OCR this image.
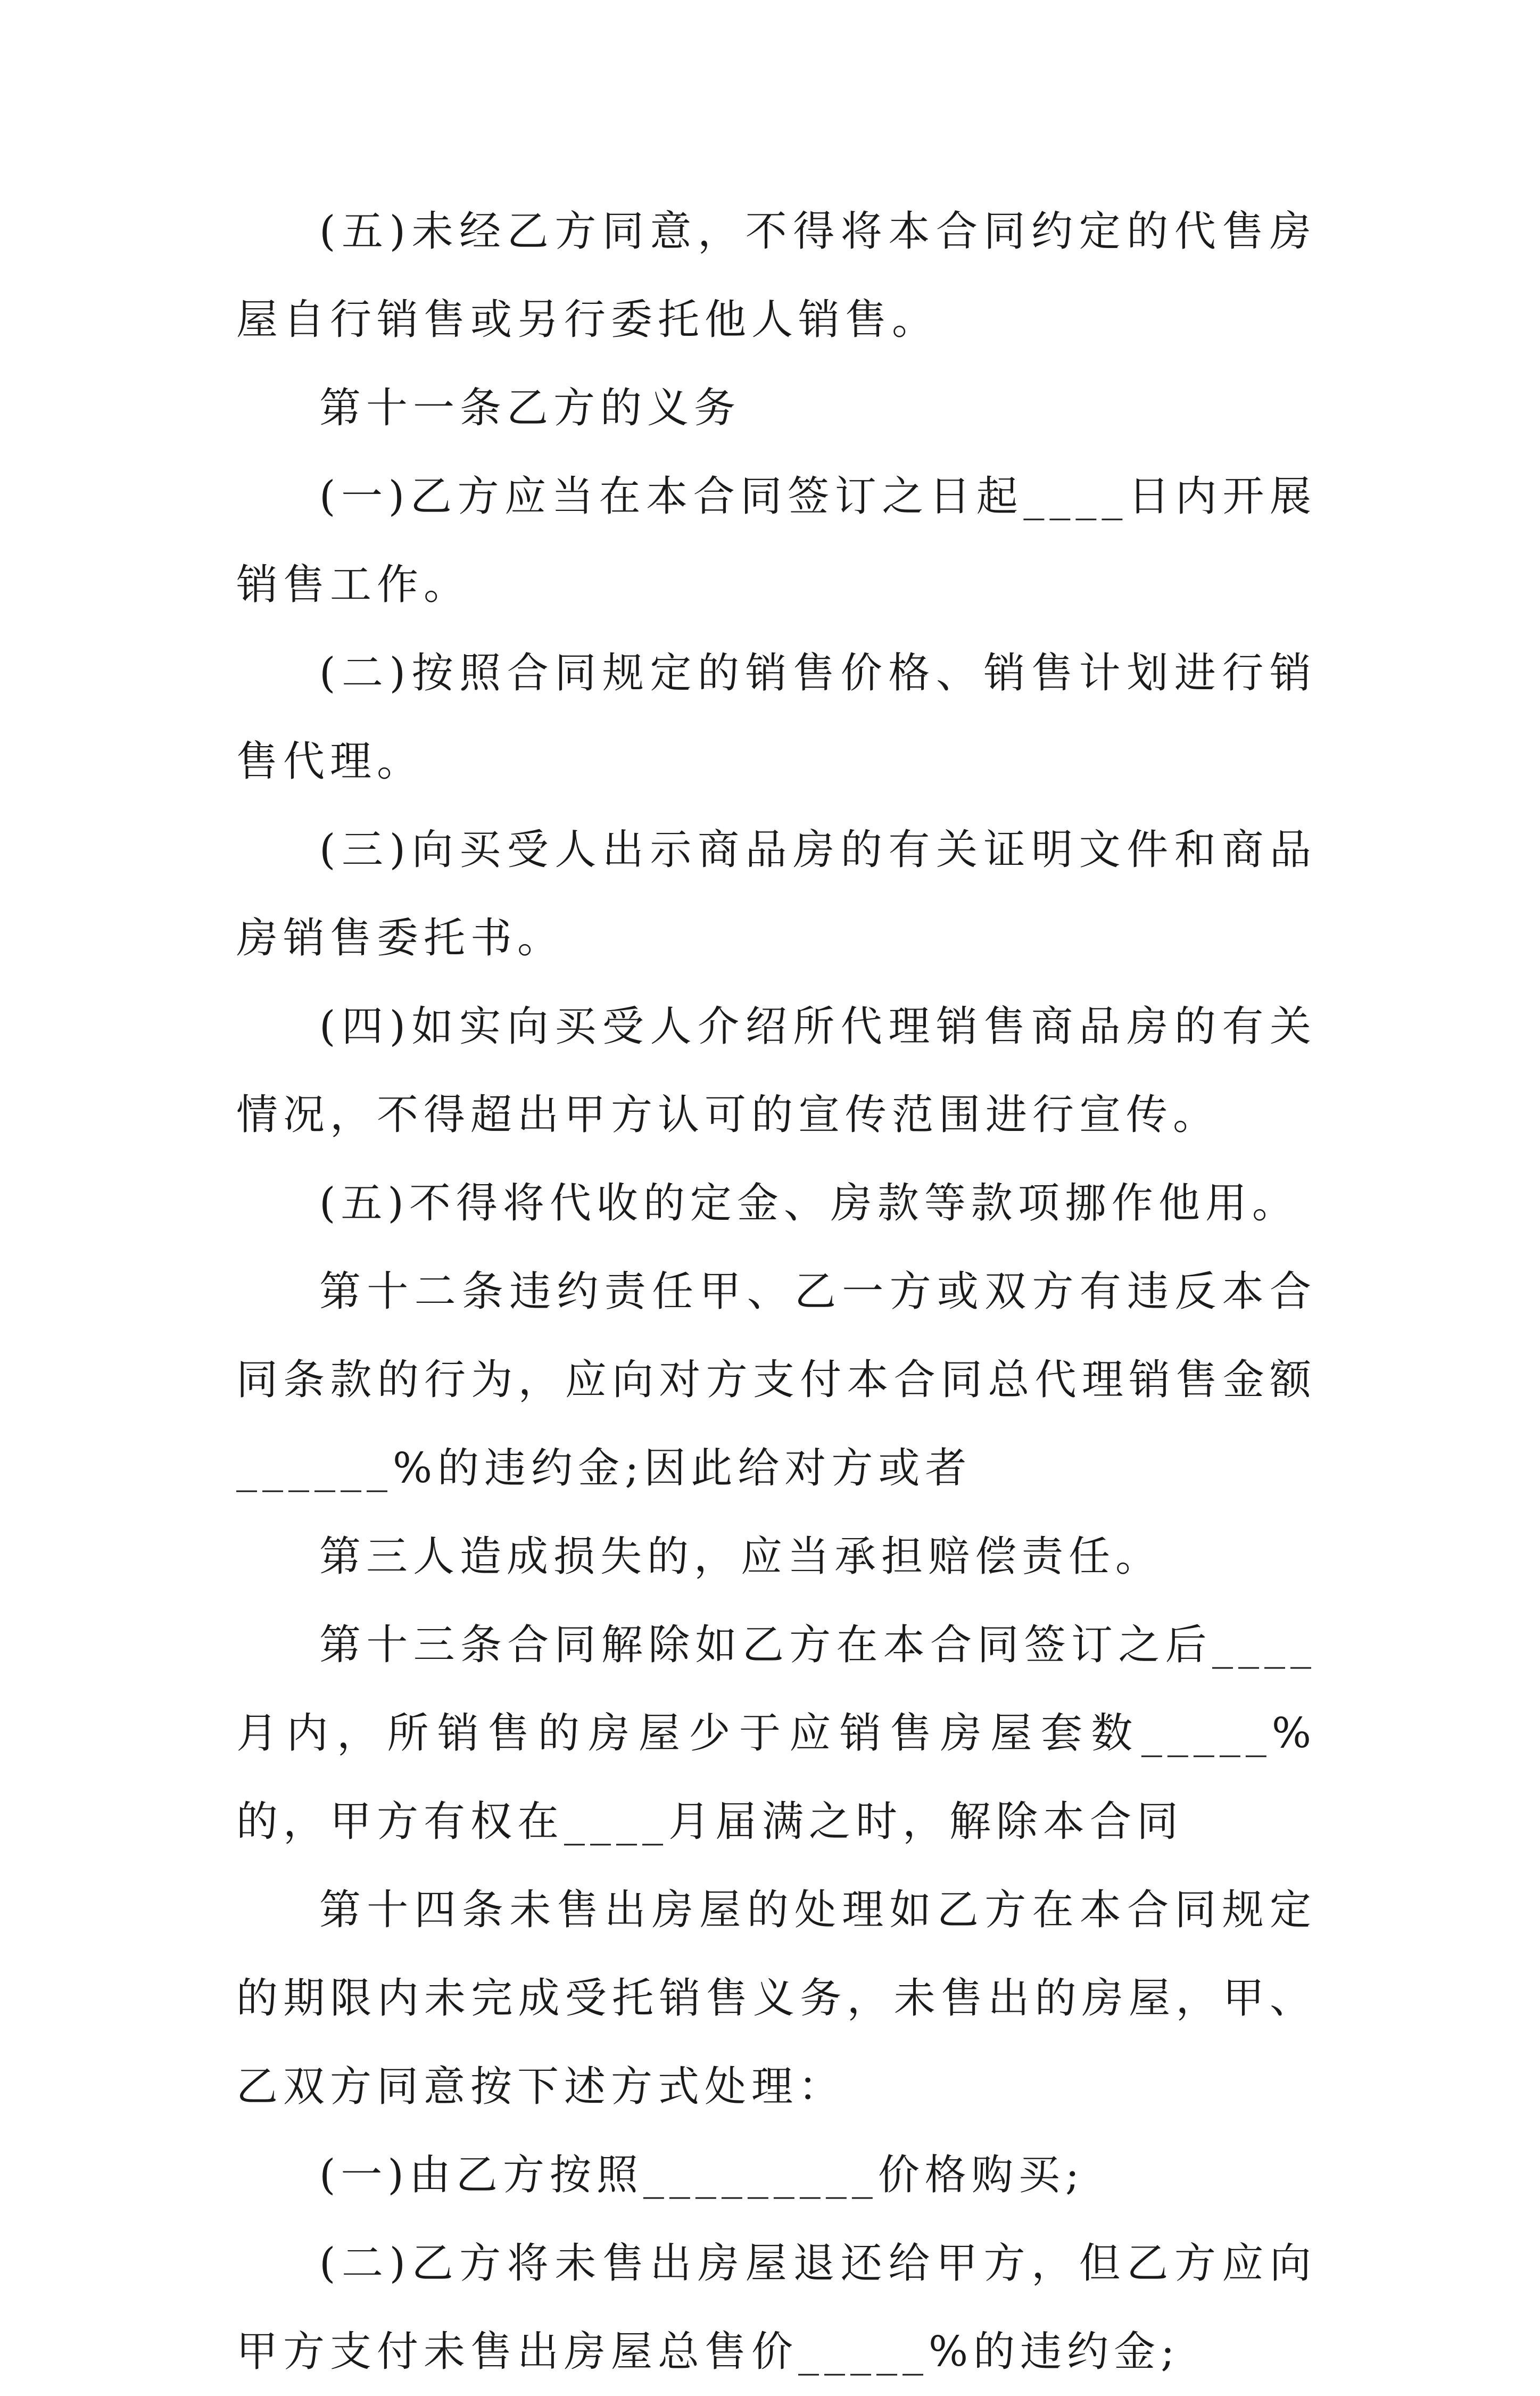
(五)未经乙方同意，不得将本合同约定的代售房屋自行销售或另行委托他人销售。

第十一条乙方的义务

(一)乙方应当在本合同签订之日起____日内开展销售工作。

(二)按照合同规定的销售价格、销售计划进行销售代理。

(三)向买受人出示商品房的有关证明文件和商品房销售委托书。

(四)如实向买受人介绍所代理销售商品房的有关情况，不得超出甲方认可的宣传范围进行宣传。

(五)不得将代收的定金、房款等款项挪作他用。

第十二条违约责任甲、乙一方或双方有违反本合同条款的行为，应向对方支付本合同总代理销售金额______%的违约金;因此给对方或者

第三人造成损失的，应当承担赔偿责任。

第十三条合同解除如乙方在本合同签订之后____月内，所销售的房屋少于应销售房屋套数_____%的，甲方有权在____月届满之时，解除本合同

第十四条未售出房屋的处理如乙方在本合同规定的期限内未完成受托销售义务，未售出的房屋，甲、乙双方同意按下述方式处理：

(一)由乙方按照_________价格购买;

(二)乙方将未售出房屋退还给甲方，但乙方应向甲方支付未售出房屋总售价_____%的违约金;
